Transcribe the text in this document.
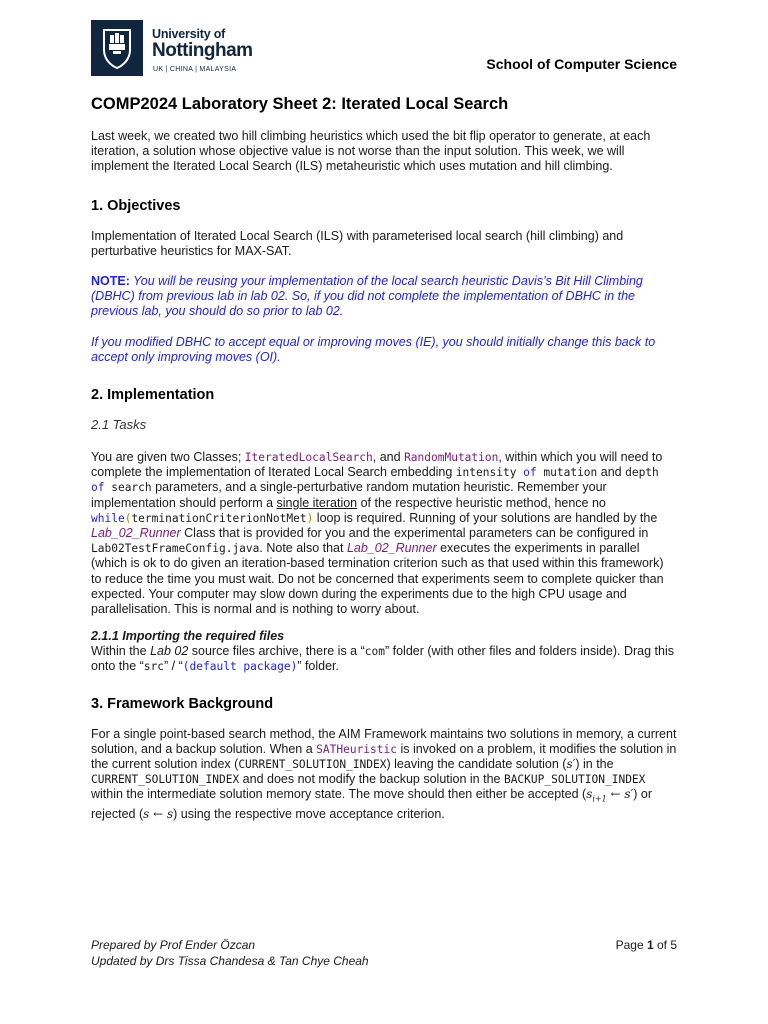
University of
Nottingham
UK | CHINA | MALAYSIA	School of Computer Science
COMP2024 Laboratory Sheet 2: Iterated Local Search

Last week, we created two hill climbing heuristics which used the bit flip operator to generate, at each iteration, a solution whose objective value is not worse than the input solution. This week, we will implement the Iterated Local Search (ILS) metaheuristic which uses mutation and hill climbing.

1. Objectives

Implementation of Iterated Local Search (ILS) with parameterised local search (hill climbing) and perturbative heuristics for MAX-SAT.

NOTE: You will be reusing your implementation of the local search heuristic Davis’s Bit Hill Climbing (DBHC) from previous lab in lab 02. So, if you did not complete the implementation of DBHC in the previous lab, you should do so prior to lab 02.

If you modified DBHC to accept equal or improving moves (IE), you should initially change this back to accept only improving moves (OI).

2. Implementation
2.1 Tasks

You are given two Classes; IteratedLocalSearch, and RandomMutation, within which you will need to complete the implementation of Iterated Local Search embedding intensity of mutation and depth of search parameters, and a single-perturbative random mutation heuristic. Remember your implementation should perform a single iteration of the respective heuristic method, hence no while(terminationCriterionNotMet) loop is required. Running of your solutions are handled by the Lab_02_Runner Class that is provided for you and the experimental parameters can be configured in Lab02TestFrameConfig.java. Note also that Lab_02_Runner executes the experiments in parallel (which is ok to do given an iteration-based termination criterion such as that used within this framework) to reduce the time you must wait. Do not be concerned that experiments seem to complete quicker than expected. Your computer may slow down during the experiments due to the high CPU usage and parallelisation. This is normal and is nothing to worry about.

2.1.1 Importing the required files

Within the Lab 02 source files archive, there is a “com” folder (with other files and folders inside). Drag this onto the “src” / “(default package)” folder.

3. Framework Background

For a single point-based search method, the AIM Framework maintains two solutions in memory, a current solution, and a backup solution. When a SATHeuristic is invoked on a problem, it modifies the solution in the current solution index (CURRENT_SOLUTION_INDEX) leaving the candidate solution (s′) in the CURRENT_SOLUTION_INDEX and does not modify the backup solution in the BACKUP_SOLUTION_INDEX within the intermediate solution memory state. The move should then either be accepted ($s_{i+1}$ ← s′) or rejected (s ← s) using the respective move acceptance criterion.

Prepared by Prof Ender Özcan
Updated by Drs Tissa Chandesa & Tan Chye Cheah
Page 1 of 5
